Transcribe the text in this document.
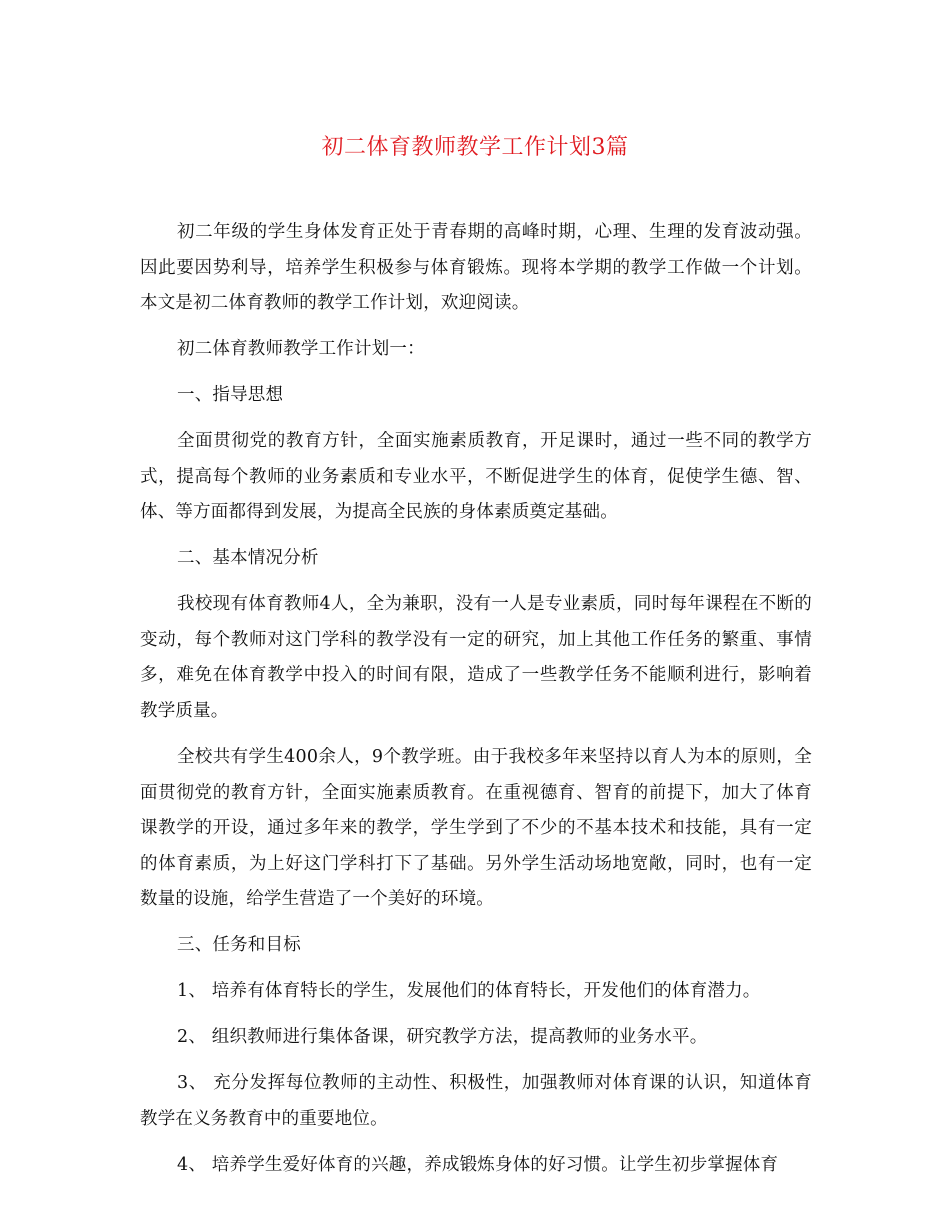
初二体育教师教学工作计划3篇

初二年级的学生身体发育正处于青春期的高峰时期，心理、生理的发育波动强。因此要因势利导，培养学生积极参与体育锻炼。现将本学期的教学工作做一个计划。本文是初二体育教师的教学工作计划，欢迎阅读。

初二体育教师教学工作计划一：

一、指导思想

全面贯彻党的教育方针，全面实施素质教育，开足课时，通过一些不同的教学方式，提高每个教师的业务素质和专业水平，不断促进学生的体育，促使学生德、智、体、等方面都得到发展，为提高全民族的身体素质奠定基础。

二、基本情况分析

我校现有体育教师4人，全为兼职，没有一人是专业素质，同时每年课程在不断的变动，每个教师对这门学科的教学没有一定的研究，加上其他工作任务的繁重、事情多，难免在体育教学中投入的时间有限，造成了一些教学任务不能顺利进行，影响着教学质量。

全校共有学生400余人，9个教学班。由于我校多年来坚持以育人为本的原则，全面贯彻党的教育方针，全面实施素质教育。在重视德育、智育的前提下，加大了体育课教学的开设，通过多年来的教学，学生学到了不少的不基本技术和技能，具有一定的体育素质，为上好这门学科打下了基础。另外学生活动场地宽敞，同时，也有一定数量的设施，给学生营造了一个美好的环境。

三、任务和目标

1、 培养有体育特长的学生，发展他们的体育特长，开发他们的体育潜力。

2、 组织教师进行集体备课，研究教学方法，提高教师的业务水平。

3、 充分发挥每位教师的主动性、积极性，加强教师对体育课的认识，知道体育教学在义务教育中的重要地位。

4、 培养学生爱好体育的兴趣，养成锻炼身体的好习惯。让学生初步掌握体育
